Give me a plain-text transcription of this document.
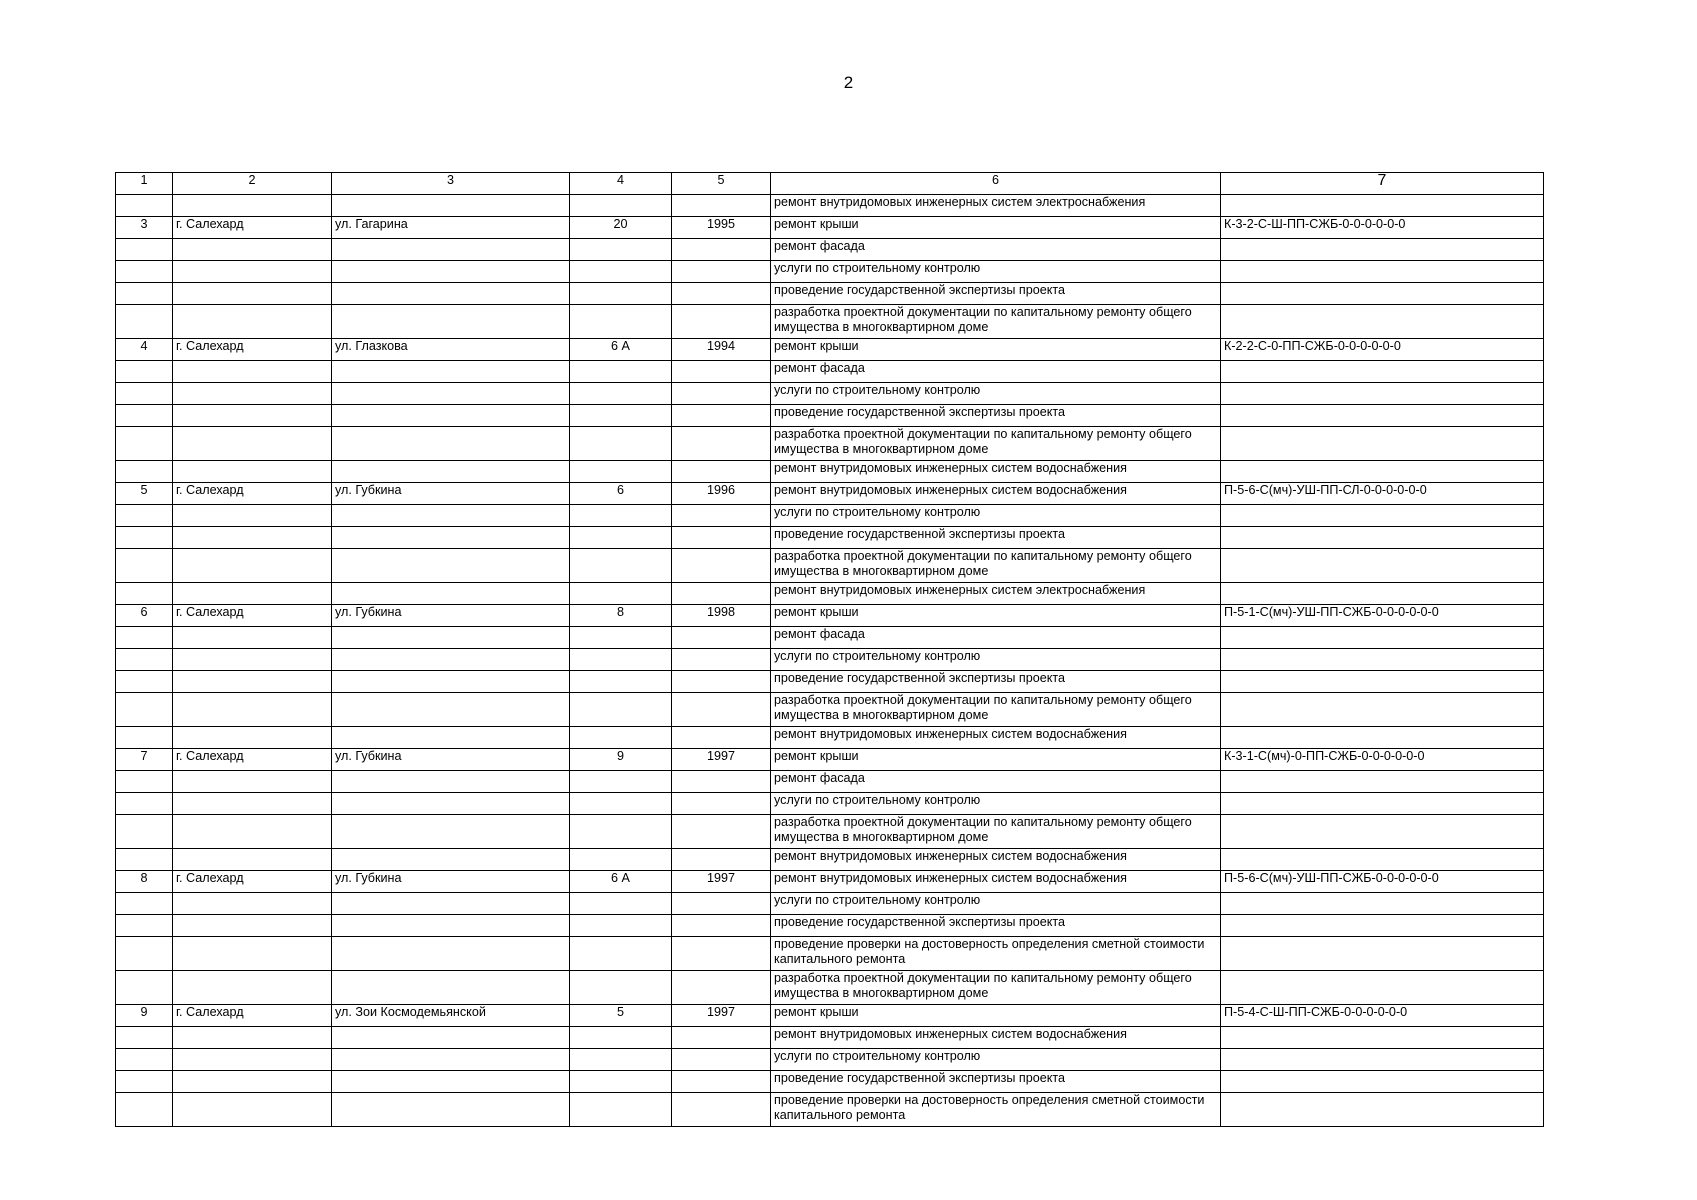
2
1	2	3	4	5	6	7
					ремонт внутридомовых инженерных систем электроснабжения	
3	г. Салехард	ул. Гагарина	20	1995	ремонт крыши	К-3-2-С-Ш-ПП-СЖБ-0-0-0-0-0-0
					ремонт фасада	
					услуги по строительному контролю	
					проведение государственной экспертизы проекта	
					разработка проектной документации по капитальному ремонту общего имущества в многоквартирном доме	
4	г. Салехард	ул. Глазкова	6 А	1994	ремонт крыши	К-2-2-С-0-ПП-СЖБ-0-0-0-0-0-0
					ремонт фасада	
					услуги по строительному контролю	
					проведение государственной экспертизы проекта	
					разработка проектной документации по капитальному ремонту общего имущества в многоквартирном доме	
					ремонт внутридомовых инженерных систем водоснабжения	
5	г. Салехард	ул. Губкина	6	1996	ремонт внутридомовых инженерных систем водоснабжения	П-5-6-С(мч)-УШ-ПП-СЛ-0-0-0-0-0-0
					услуги по строительному контролю	
					проведение государственной экспертизы проекта	
					разработка проектной документации по капитальному ремонту общего имущества в многоквартирном доме	
					ремонт внутридомовых инженерных систем электроснабжения	
6	г. Салехард	ул. Губкина	8	1998	ремонт крыши	П-5-1-С(мч)-УШ-ПП-СЖБ-0-0-0-0-0-0
					ремонт фасада	
					услуги по строительному контролю	
					проведение государственной экспертизы проекта	
					разработка проектной документации по капитальному ремонту общего имущества в многоквартирном доме	
					ремонт внутридомовых инженерных систем водоснабжения	
7	г. Салехард	ул. Губкина	9	1997	ремонт крыши	К-3-1-С(мч)-0-ПП-СЖБ-0-0-0-0-0-0
					ремонт фасада	
					услуги по строительному контролю	
					разработка проектной документации по капитальному ремонту общего имущества в многоквартирном доме	
					ремонт внутридомовых инженерных систем водоснабжения	
8	г. Салехард	ул. Губкина	6 А	1997	ремонт внутридомовых инженерных систем водоснабжения	П-5-6-С(мч)-УШ-ПП-СЖБ-0-0-0-0-0-0
					услуги по строительному контролю	
					проведение государственной экспертизы проекта	
					проведение проверки на достоверность определения сметной стоимости капитального ремонта	
					разработка проектной документации по капитальному ремонту общего имущества в многоквартирном доме	
9	г. Салехард	ул. Зои Космодемьянской	5	1997	ремонт крыши	П-5-4-С-Ш-ПП-СЖБ-0-0-0-0-0-0
					ремонт внутридомовых инженерных систем водоснабжения	
					услуги по строительному контролю	
					проведение государственной экспертизы проекта	
					проведение проверки на достоверность определения сметной стоимости капитального ремонта	
